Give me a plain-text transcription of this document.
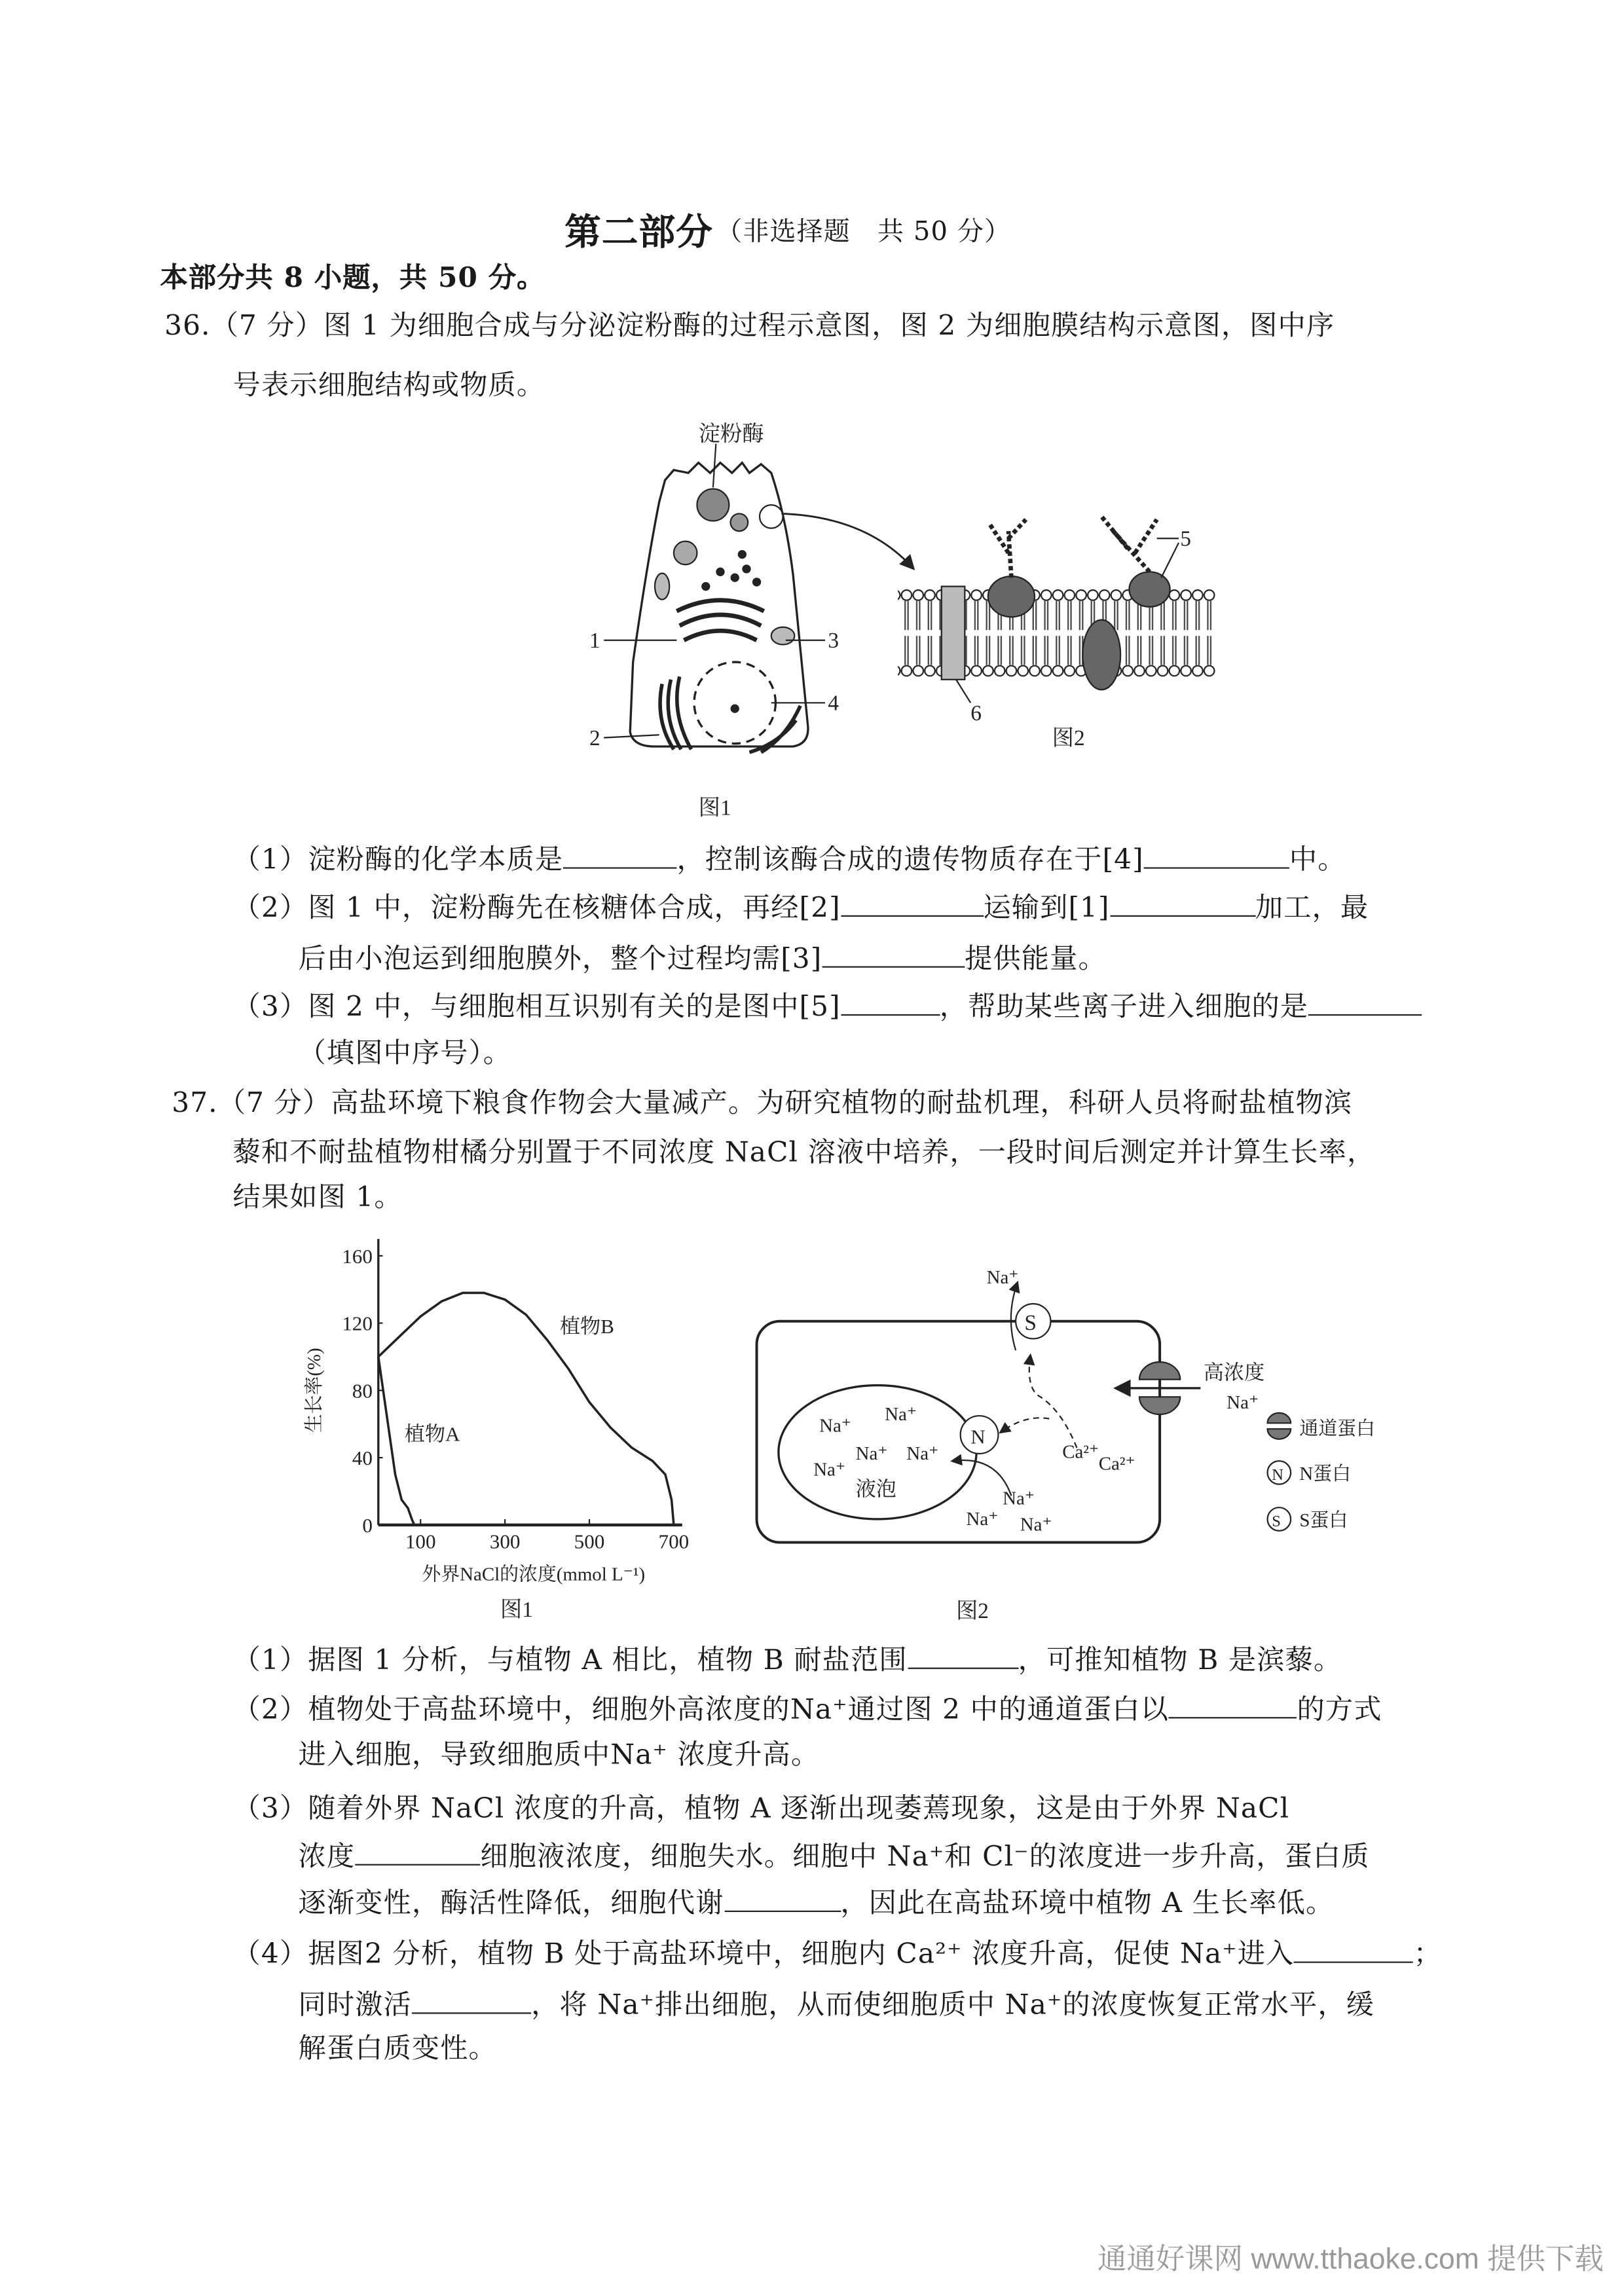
第二部分 （非选择题　共 50 分）
本部分共 8 小题，共 50 分。
36.（7 分）图 1 为细胞合成与分泌淀粉酶的过程示意图，图 2 为细胞膜结构示意图，图中序
号表示细胞结构或物质。
淀粉酶
1
2
3
4
图1
5
6
图2
（1）淀粉酶的化学本质是	，控制该酶合成的遗传物质存在于[4]	中。
（2）图 1 中，淀粉酶先在核糖体合成，再经[2]	运输到[1]	加工，最
后由小泡运到细胞膜外，整个过程均需[3]	提供能量。
（3）图 2 中，与细胞相互识别有关的是图中[5]	，帮助某些离子进入细胞的是
（填图中序号）。
37.（7 分）高盐环境下粮食作物会大量减产。为研究植物的耐盐机理，科研人员将耐盐植物滨
藜和不耐盐植物柑橘分别置于不同浓度 NaCl 溶液中培养，一段时间后测定并计算生长率，
结果如图 1。
100	300	500	700
0
40
80
120
160
植物A
植物B
外界NaCl的浓度(mmol L⁻¹)
生长率(%)
图1
S
Na⁺
高浓度
Na⁺
N
Ca²⁺
Ca²⁺
Na⁺
Na⁺
Na⁺ Na⁺
Na⁺
液泡	Na⁺
Na⁺	Na⁺
通道蛋白
N N蛋白
S S蛋白
图2
（1）据图 1 分析，与植物 A 相比，植物 B 耐盐范围	，可推知植物 B 是滨藜。
（2）植物处于高盐环境中，细胞外高浓度的Na⁺通过图 2 中的通道蛋白以	的方式
进入细胞，导致细胞质中Na⁺ 浓度升高。
（3）随着外界 NaCl 浓度的升高，植物 A 逐渐出现萎蔫现象，这是由于外界 NaCl
浓度	细胞液浓度，细胞失水。细胞中 Na⁺和 Cl⁻的浓度进一步升高，蛋白质
逐渐变性，酶活性降低，细胞代谢	，因此在高盐环境中植物 A 生长率低。
（4）据图2 分析，植物 B 处于高盐环境中，细胞内 Ca²⁺ 浓度升高，促使 Na⁺进入	；
同时激活	，将 Na⁺排出细胞，从而使细胞质中 Na⁺的浓度恢复正常水平，缓
解蛋白质变性。
通通好课网 www.tthaoke.com 提供下载
